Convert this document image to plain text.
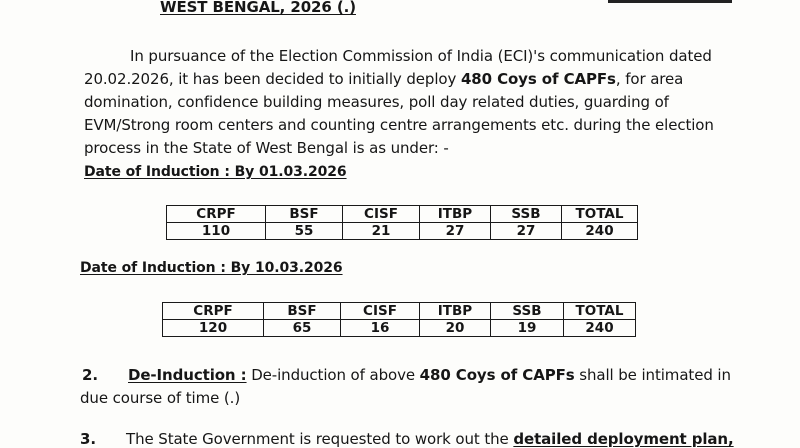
WEST BENGAL, 2026 (.)
In pursuance of the Election Commission of India (ECI)'s communication dated
20.02.2026, it has been decided to initially deploy 480 Coys of CAPFs, for area
domination, confidence building measures, poll day related duties, guarding of
EVM/Strong room centers and counting centre arrangements etc. during the election
process in the State of West Bengal is as under: -
Date of Induction : By 01.03.2026
CRPF	BSF	CISF	ITBP	SSB	TOTAL
110	55	21	27	27	240
Date of Induction : By 10.03.2026
CRPF	BSF	CISF	ITBP	SSB	TOTAL
120	65	16	20	19	240
2. De-Induction : De-induction of above 480 Coys of CAPFs shall be intimated in
due course of time (.)
3. The State Government is requested to work out the detailed deployment plan,
